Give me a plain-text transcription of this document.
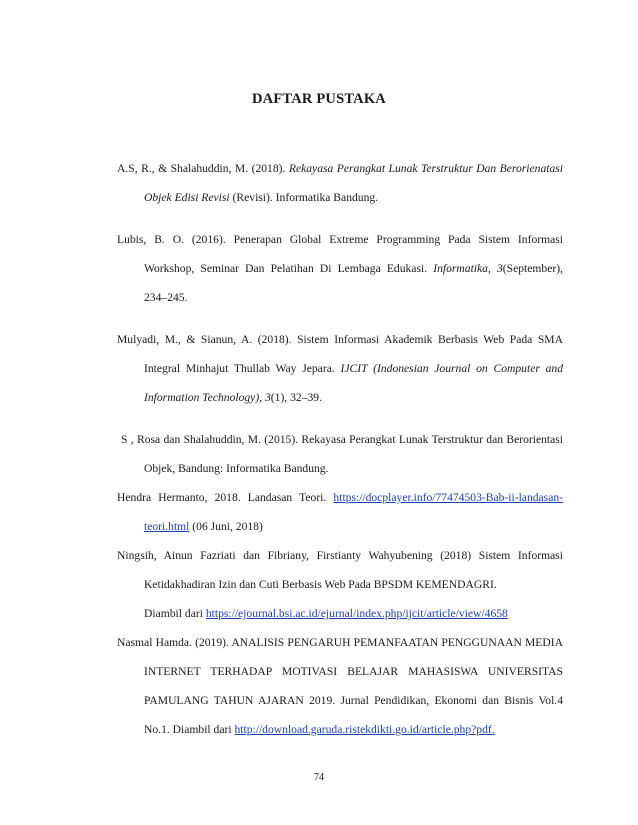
DAFTAR PUSTAKA

A.S, R., & Shalahuddin, M. (2018). Rekayasa Perangkat Lunak Terstruktur Dan Berorienatasi Objek Edisi Revisi (Revisi). Informatika Bandung.

Lubis, B. O. (2016). Penerapan Global Extreme Programming Pada Sistem Informasi Workshop, Seminar Dan Pelatihan Di Lembaga Edukasi. Informatika, 3(September), 234–245.

Mulyadi, M., & Sianun, A. (2018). Sistem Informasi Akademik Berbasis Web Pada SMA Integral Minhajut Thullab Way Jepara. IJCIT (Indonesian Journal on Computer and Information Technology), 3(1), 32–39.

S , Rosa dan Shalahuddin, M. (2015). Rekayasa Perangkat Lunak Terstruktur dan Berorientasi Objek, Bandung: Informatika Bandung.

Hendra Hermanto, 2018. Landasan Teori. https://docplayer.info/77474503-Bab-ii-landasan-teori.html (06 Juni, 2018)

Ningsih, Ainun Fazriati dan Fibriany, Firstianty Wahyubening (2018) Sistem Informasi Ketidakhadiran Izin dan Cuti Berbasis Web Pada BPSDM KEMENDAGRI.
Diambil dari https://ejournal.bsi.ac.id/ejurnal/index.php/ijcit/article/view/4658

Nasmal Hamda. (2019). ANALISIS PENGARUH PEMANFAATAN PENGGUNAAN MEDIA INTERNET TERHADAP MOTIVASI BELAJAR MAHASISWA UNIVERSITAS PAMULANG TAHUN AJARAN 2019. Jurnal Pendidikan, Ekonomi dan Bisnis Vol.4 No.1. Diambil dari http://download.garuda.ristekdikti.go.id/article.php?pdf.

74
